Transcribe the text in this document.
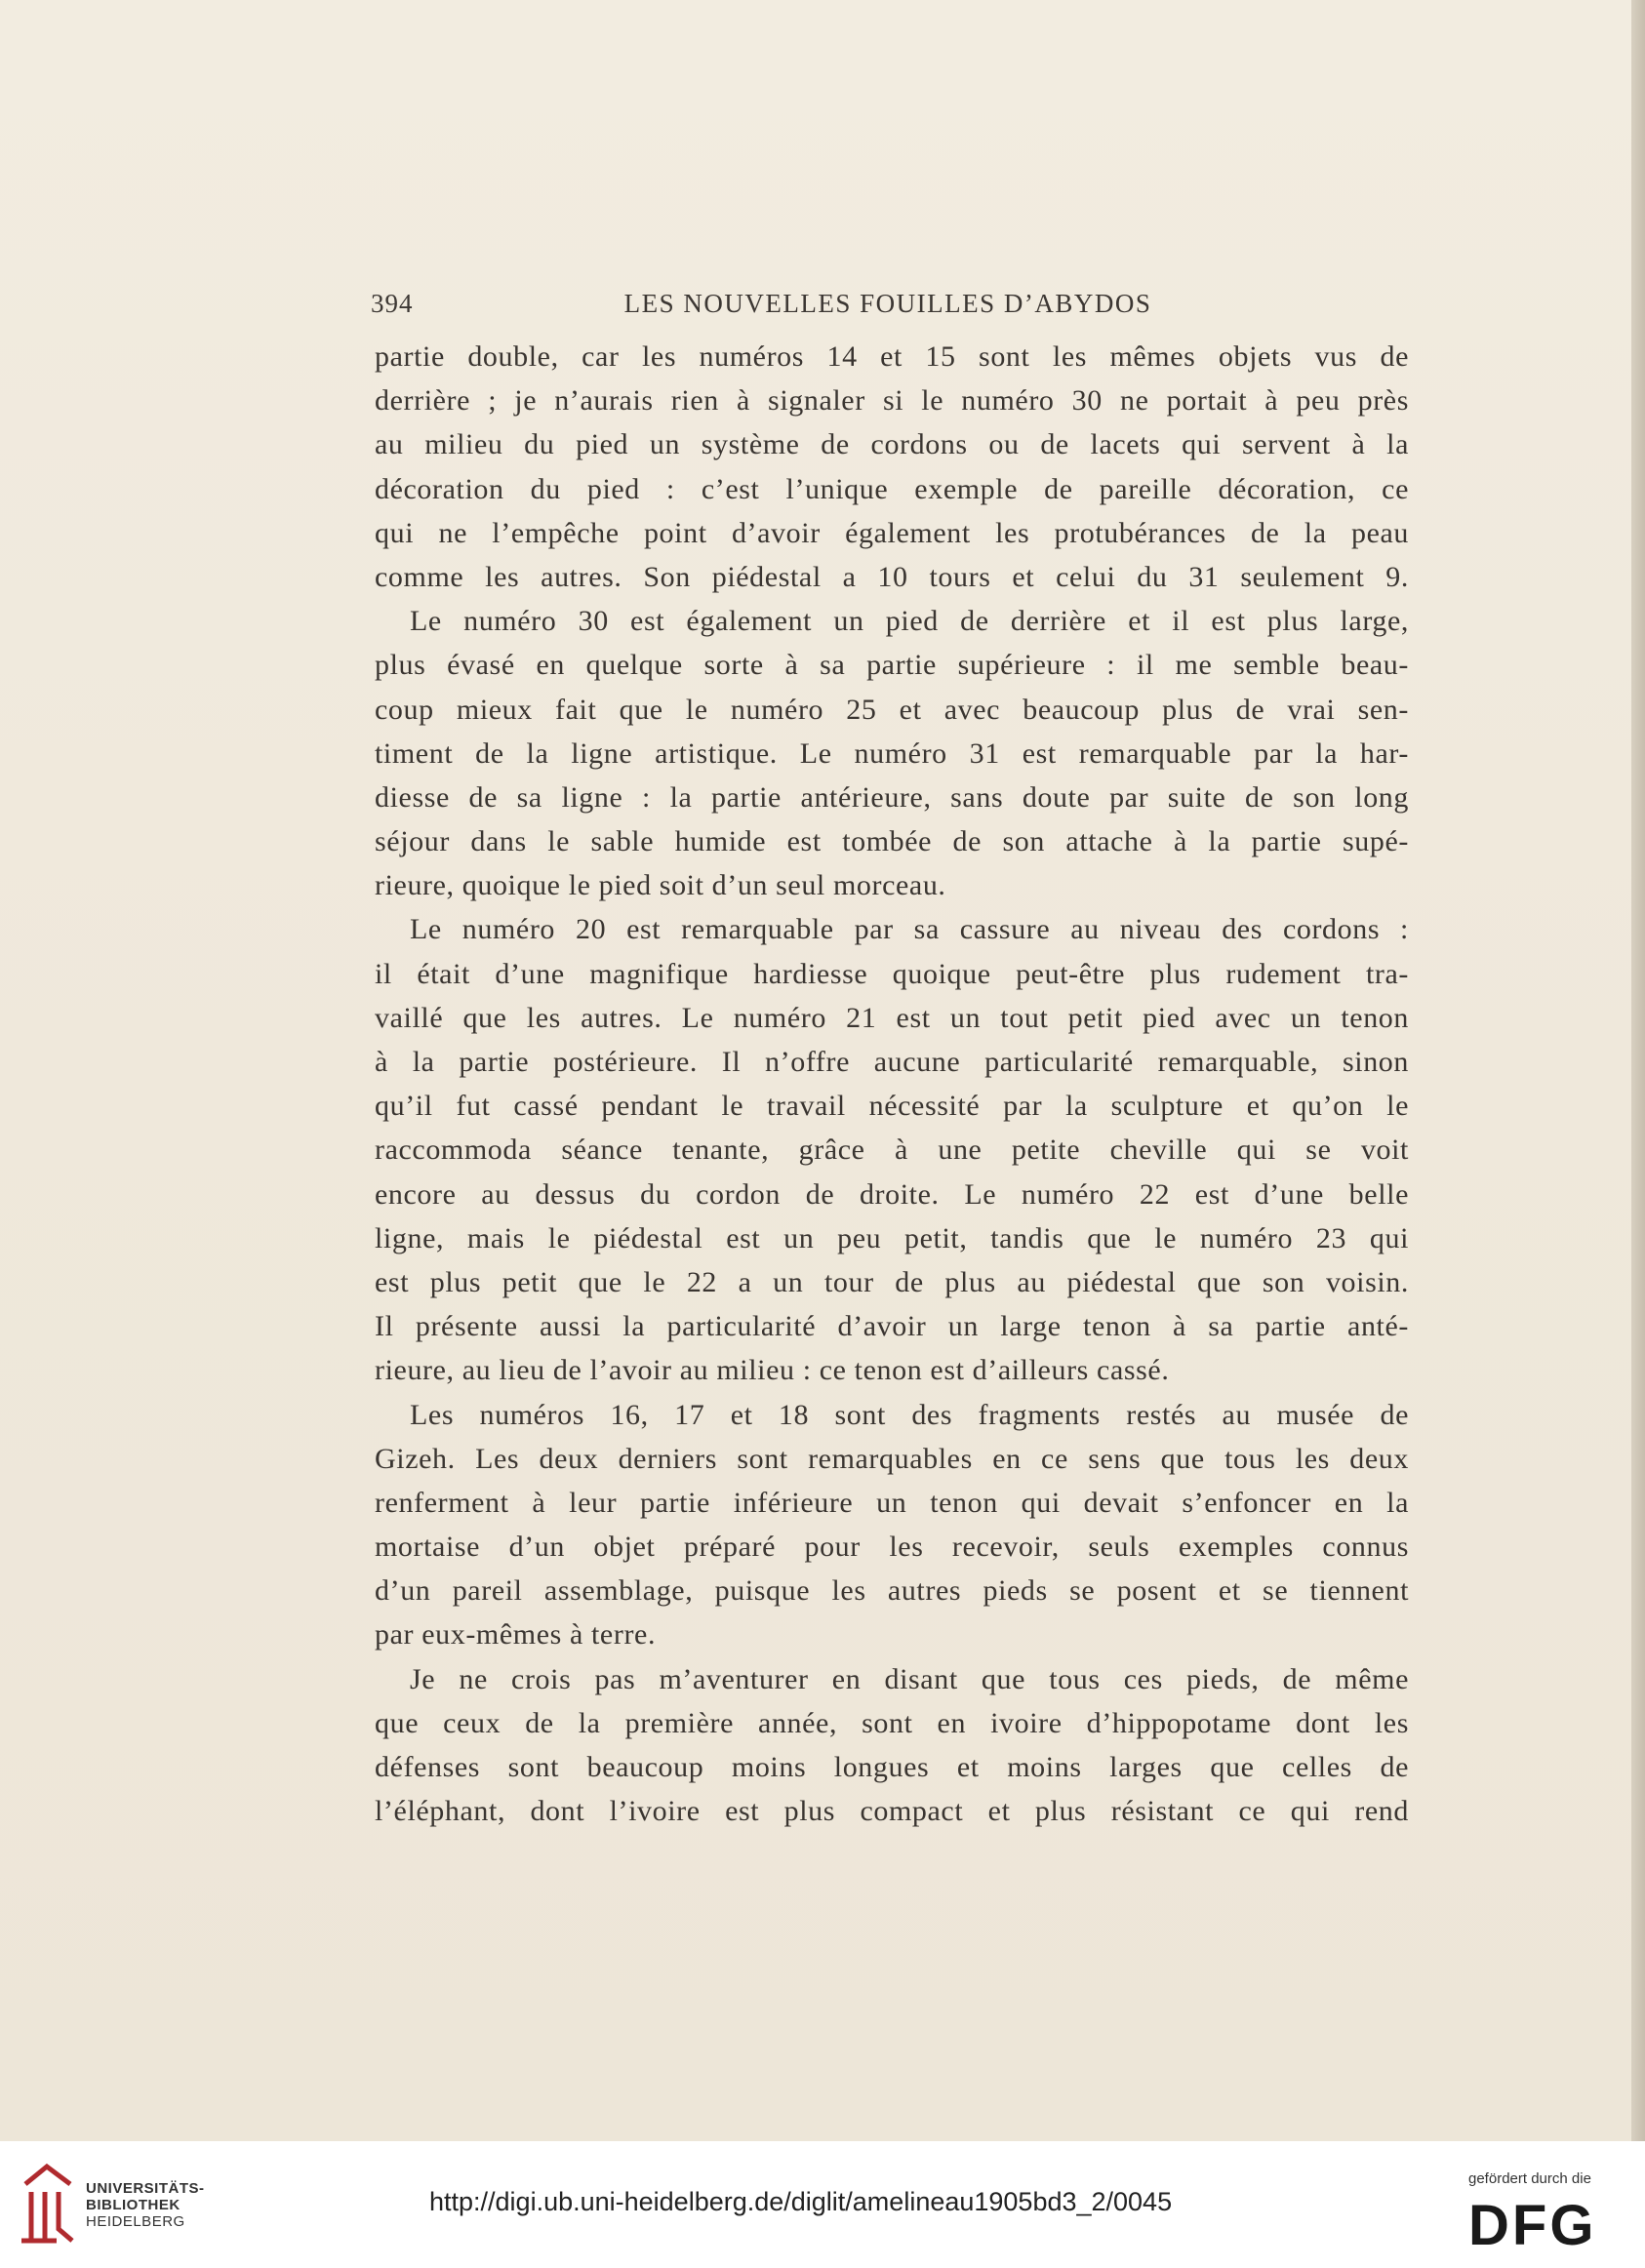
394	LES NOUVELLES FOUILLES D’ABYDOS
partie double, car les numéros 14 et 15 sont les mêmes objets vus de
derrière ; je n’aurais rien à signaler si le numéro 30 ne portait à peu près
au milieu du pied un système de cordons ou de lacets qui servent à la
décoration du pied : c’est l’unique exemple de pareille décoration, ce
qui ne l’empêche point d’avoir également les protubérances de la peau
comme les autres. Son piédestal a 10 tours et celui du 31 seulement 9.
Le numéro 30 est également un pied de derrière et il est plus large,
plus évasé en quelque sorte à sa partie supérieure : il me semble beau-
coup mieux fait que le numéro 25 et avec beaucoup plus de vrai sen-
timent de la ligne artistique. Le numéro 31 est remarquable par la har-
diesse de sa ligne : la partie antérieure, sans doute par suite de son long
séjour dans le sable humide est tombée de son attache à la partie supé-
rieure, quoique le pied soit d’un seul morceau.
Le numéro 20 est remarquable par sa cassure au niveau des cordons :
il était d’une magnifique hardiesse quoique peut-être plus rudement tra-
vaillé que les autres. Le numéro 21 est un tout petit pied avec un tenon
à la partie postérieure. Il n’offre aucune particularité remarquable, sinon
qu’il fut cassé pendant le travail nécessité par la sculpture et qu’on le
raccommoda séance tenante, grâce à une petite cheville qui se voit
encore au dessus du cordon de droite. Le numéro 22 est d’une belle
ligne, mais le piédestal est un peu petit, tandis que le numéro 23 qui
est plus petit que le 22 a un tour de plus au piédestal que son voisin.
Il présente aussi la particularité d’avoir un large tenon à sa partie anté-
rieure, au lieu de l’avoir au milieu : ce tenon est d’ailleurs cassé.
Les numéros 16, 17 et 18 sont des fragments restés au musée de
Gizeh. Les deux derniers sont remarquables en ce sens que tous les deux
renferment à leur partie inférieure un tenon qui devait s’enfoncer en la
mortaise d’un objet préparé pour les recevoir, seuls exemples connus
d’un pareil assemblage, puisque les autres pieds se posent et se tiennent
par eux-mêmes à terre.
Je ne crois pas m’aventurer en disant que tous ces pieds, de même
que ceux de la première année, sont en ivoire d’hippopotame dont les
défenses sont beaucoup moins longues et moins larges que celles de
l’éléphant, dont l’ivoire est plus compact et plus résistant ce qui rend
UNIVERSITÄTS-
BIBLIOTHEK
HEIDELBERG
http://digi.ub.uni-heidelberg.de/diglit/amelineau1905bd3_2/0045
gefördert durch die
DFG
